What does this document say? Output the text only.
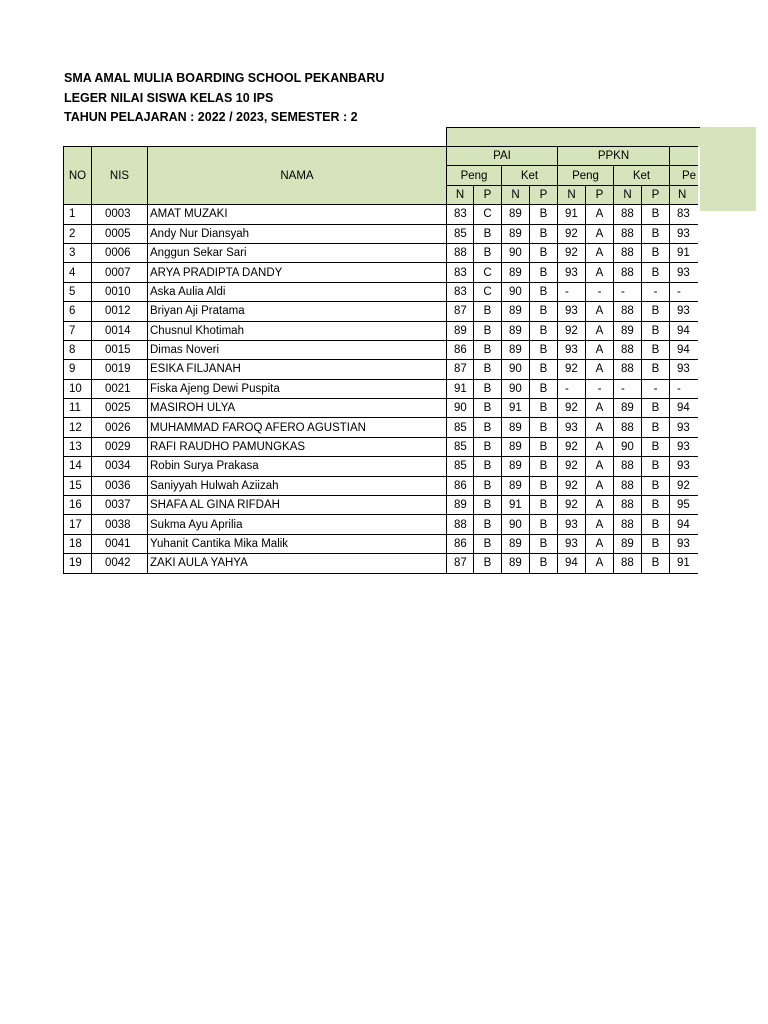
SMA AMAL MULIA BOARDING SCHOOL PEKANBARU
LEGER NILAI SISWA KELAS 10 IPS
TAHUN PELAJARAN : 2022 / 2023, SEMESTER : 2
NO	NIS	NAMA	PAI				PPKN				
			Peng		Ket		Peng		Ket		Pe
			N	P	N	P	N	P	N	P	N
1	0003	AMAT MUZAKI	83	C	89	B	91	A	88	B	83
2	0005	Andy Nur Diansyah	85	B	89	B	92	A	88	B	93
3	0006	Anggun Sekar Sari	88	B	90	B	92	A	88	B	91
4	0007	ARYA PRADIPTA DANDY	83	C	89	B	93	A	88	B	93
5	0010	Aska Aulia Aldi	83	C	90	B	-	-	-	-	-
6	0012	Briyan Aji Pratama	87	B	89	B	93	A	88	B	93
7	0014	Chusnul Khotimah	89	B	89	B	92	A	89	B	94
8	0015	Dimas Noveri	86	B	89	B	93	A	88	B	94
9	0019	ESIKA FILJANAH	87	B	90	B	92	A	88	B	93
10	0021	Fiska Ajeng Dewi Puspita	91	B	90	B	-	-	-	-	-
11	0025	MASIROH ULYA	90	B	91	B	92	A	89	B	94
12	0026	MUHAMMAD FAROQ AFERO AGUSTIAN	85	B	89	B	93	A	88	B	93
13	0029	RAFI RAUDHO PAMUNGKAS	85	B	89	B	92	A	90	B	93
14	0034	Robin Surya Prakasa	85	B	89	B	92	A	88	B	93
15	0036	Saniyyah Hulwah Aziizah	86	B	89	B	92	A	88	B	92
16	0037	SHAFA AL GINA RIFDAH	89	B	91	B	92	A	88	B	95
17	0038	Sukma Ayu Aprilia	88	B	90	B	93	A	88	B	94
18	0041	Yuhanit Cantika Mika Malik	86	B	89	B	93	A	89	B	93
19	0042	ZAKI AULA YAHYA	87	B	89	B	94	A	88	B	91
